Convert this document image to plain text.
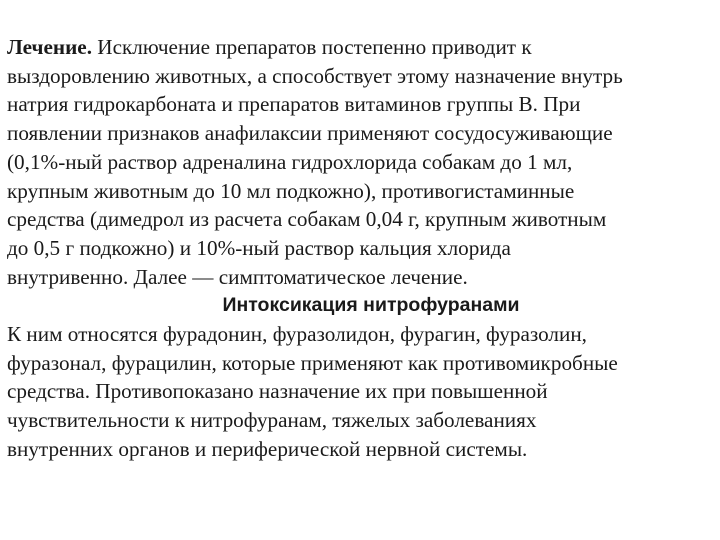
Лечение. Исключение препаратов постепенно приводит к
выздоровлению животных, а способствует этому назначение внутрь
натрия гидрокарбоната и препаратов витаминов группы В. При
появлении признаков анафилаксии применяют сосудосуживающие
(0,1%-ный раствор адреналина гидрохлорида собакам до 1 мл,
крупным животным до 10 мл подкожно), противогистаминные
средства (димедрол из расчета собакам 0,04 г, крупным животным
до 0,5 г подкожно) и 10%-ный раствор кальция хлорида
внутривенно. Далее — симптоматическое лечение.
Интоксикация нитрофуранами
К ним относятся фурадонин, фуразолидон, фурагин, фуразолин,
фуразонал, фурацилин, которые применяют как противомикробные
средства. Противопоказано назначение их при повышенной
чувствительности к нитрофуранам, тяжелых заболеваниях
внутренних органов и периферической нервной системы.
